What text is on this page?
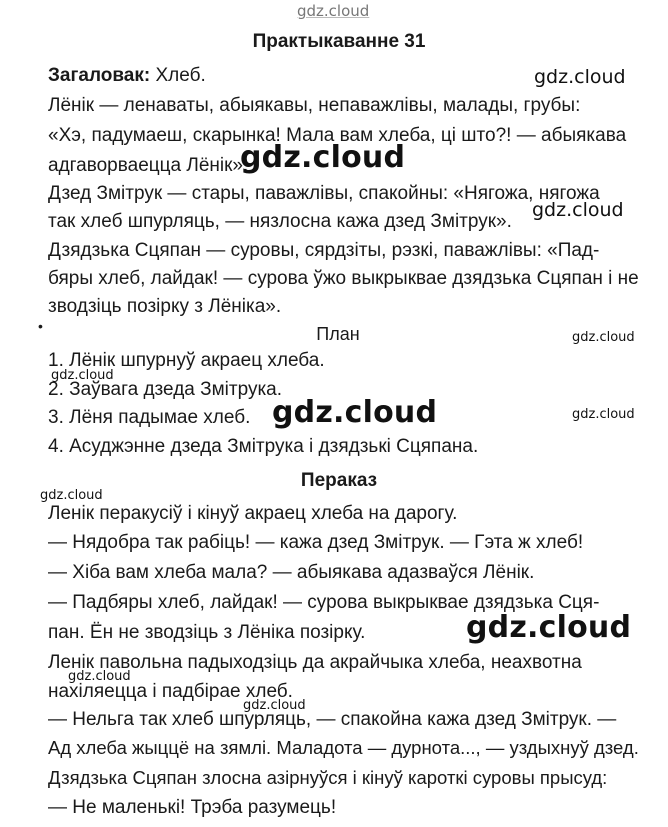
gdz.cloud
Практыкаванне 31
Загаловак: Хлеб.
Лёнік — ленаваты, абыякавы, непаважлівы, малады, грубы:
«Хэ, падумаеш, скарынка! Мала вам хлеба, ці што?! — абыякава
адгаворваецца Лёнік».
Дзед Змітрук — стары, паважлівы, спакойны: «Нягожа, нягожа
так хлеб шпурляць, — нязлосна кажа дзед Змітрук».
Дзядзька Сцяпан — суровы, сярдзіты, рэзкі, паважлівы: «Пад-
бяры хлеб, лайдак! — сурова ўжо выкрыквае дзядзька Сцяпан і не
зводзіць позірку з Лёніка».
•	План
1. Лёнік шпурнуў акраец хлеба.
2. Заўвага дзеда Змітрука.
3. Лёня падымае хлеб.
4. Асуджэнне дзеда Змітрука і дзядзькі Сцяпана.
Пераказ
Ленік перакусіў і кінуў акраец хлеба на дарогу.
— Нядобра так рабіць! — кажа дзед Змітрук. — Гэта ж хлеб!
— Хіба вам хлеба мала? — абыякава адазваўся Лёнік.
— Падбяры хлеб, лайдак! — сурова выкрыквае дзядзька Сця-
пан. Ён не зводзіць з Лёніка позірку.
Ленік павольна падыходзіць да акрайчыка хлеба, неахвотна
нахіляецца і падбірае хлеб.
— Нельга так хлеб шпурляць, — спакойна кажа дзед Змітрук. —
Ад хлеба жыццё на зямлі. Маладота — дурнота..., — уздыхнуў дзед.
Дзядзька Сцяпан злосна азірнуўся і кінуў кароткі суровы прысуд:
— Не маленькі! Трэба разумець!
gdz.cloud
gdz.cloud
gdz.cloud
gdz.cloud
gdz.cloud
gdz.cloud
gdz.cloud
gdz.cloud
gdz.cloud
gdz.cloud
gdz.cloud
